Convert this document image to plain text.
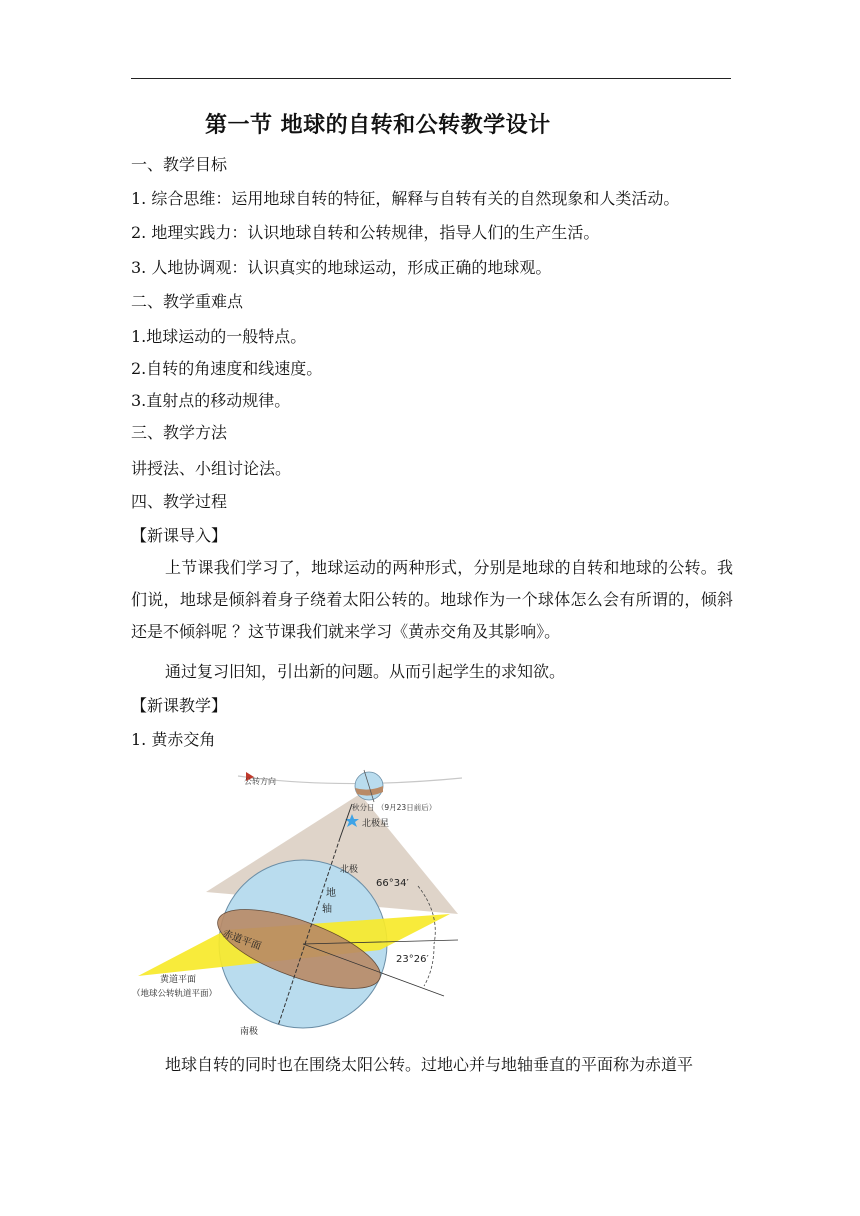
第一节 地球的自转和公转教学设计
一、教学目标
1. 综合思维：运用地球自转的特征，解释与自转有关的自然现象和人类活动。
2. 地理实践力：认识地球自转和公转规律，指导人们的生产生活。
3. 人地协调观：认识真实的地球运动，形成正确的地球观。
二、教学重难点
1.地球运动的一般特点。
2.自转的角速度和线速度。
3.直射点的移动规律。
三、教学方法
讲授法、小组讨论法。
四、教学过程
【新课导入】
上节课我们学习了，地球运动的两种形式，分别是地球的自转和地球的公转。我们说，地球是倾斜着身子绕着太阳公转的。地球作为一个球体怎么会有所谓的，倾斜还是不倾斜呢 ？这节课我们就来学习《黄赤交角及其影响》。
通过复习旧知，引出新的问题。从而引起学生的求知欲。
【新课教学】
1. 黄赤交角
公转方向
秋分日 （9月23日前后）
北极星
北极
地
轴
66°34′
赤道平面
23°26′
黄道平面
（地球公转轨道平面）
南极
地球自转的同时也在围绕太阳公转。过地心并与地轴垂直的平面称为赤道平
